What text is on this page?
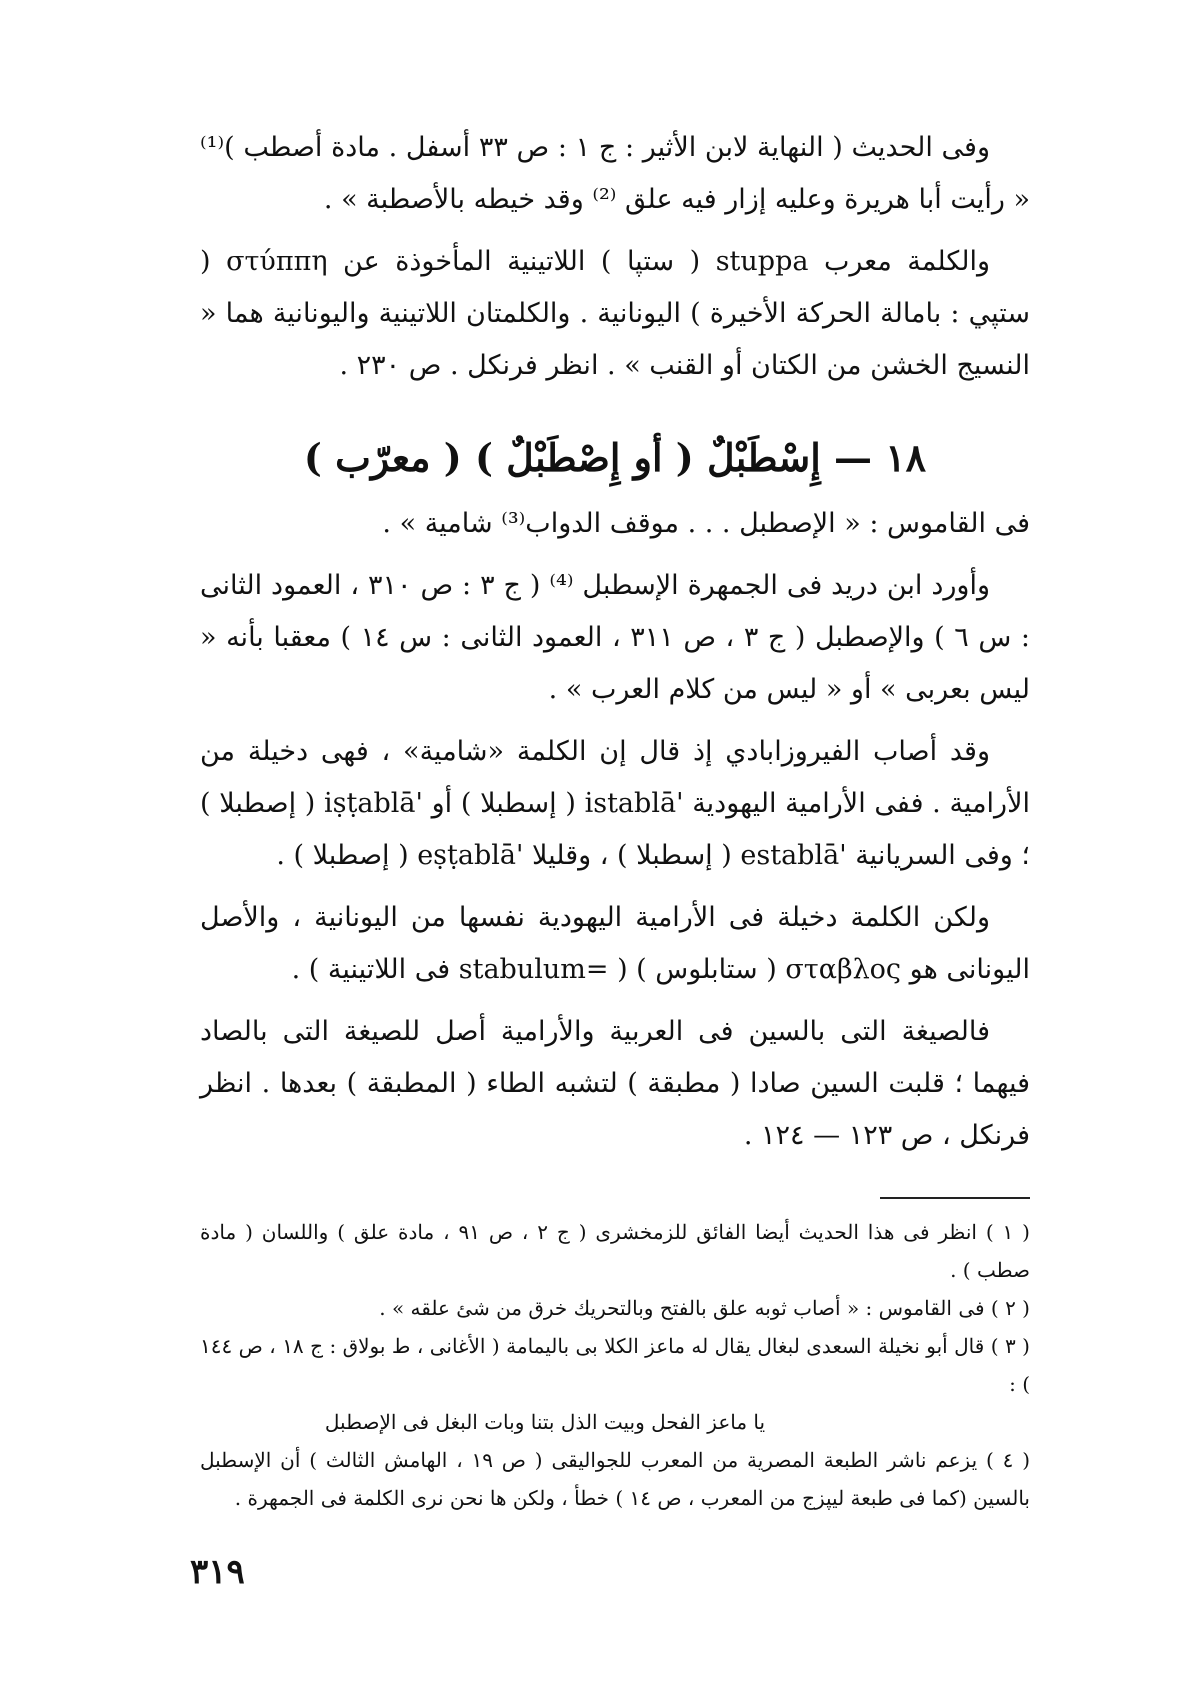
وفى الحديث ( النهاية لابن الأثير : ج ١ : ص ٣٣ أسفل . مادة أصطب )⁽¹⁾ « رأيت أبا هريرة وعليه إزار فيه علق ⁽²⁾ وقد خيطه بالأصطبة » .

والكلمة معرب stuppa ( ستپا ) اللاتينية المأخوذة عن στύππη ( ستپي : بامالة الحركة الأخيرة ) اليونانية . والكلمتان اللاتينية واليونانية هما « النسيج الخشن من الكتان أو القنب » . انظر فرنكل . ص ٢٣٠ .

١٨ — إِسْطَبْلٌ ( أو إِصْطَبْلٌ ) ( معرّب )

فى القاموس : « الإصطبل . . . موقف الدواب⁽³⁾ شامية » .

وأورد ابن دريد فى الجمهرة الإسطبل ⁽⁴⁾ ( ج ٣ : ص ٣١٠ ، العمود الثانى : س ٦ ) والإصطبل ( ج ٣ ، ص ٣١١ ، العمود الثانى : س ١٤ ) معقبا بأنه « ليس بعربى » أو « ليس من كلام العرب » .

وقد أصاب الفيروزابادي إذ قال إن الكلمة «شامية» ، فهى دخيلة من الأرامية . ففى الأرامية اليهودية 'istablā ( إسطبلا ) أو 'iṣṭablā ( إصطبلا ) ؛ وفى السريانية 'establā ( إسطبلا ) ، وقليلا 'eṣṭablā ( إصطبلا ) .

ولكن الكلمة دخيلة فى الأرامية اليهودية نفسها من اليونانية ، والأصل اليونانى هو σταβλος ( ستابلوس ) ( =stabulum فى اللاتينية ) .

فالصيغة التى بالسين فى العربية والأرامية أصل للصيغة التى بالصاد فيهما ؛ قلبت السين صادا ( مطبقة ) لتشبه الطاء ( المطبقة ) بعدها . انظر فرنكل ، ص ١٢٣ — ١٢٤ .

( ١ ) انظر فى هذا الحديث أيضا الفائق للزمخشرى ( ج ٢ ، ص ٩١ ، مادة علق ) واللسان ( مادة صطب ) .

( ٢ ) فى القاموس : « أصاب ثوبه علق بالفتح وبالتحريك خرق من شئ علقه » .

( ٣ ) قال أبو نخيلة السعدى لبغال يقال له ماعز الكلا بى باليمامة ( الأغانى ، ط بولاق : ج ١٨ ، ص ١٤٤ ) :

يا ماعز الفحل وبيت الذل بتنا وبات البغل فى الإصطبل

( ٤ ) يزعم ناشر الطبعة المصرية من المعرب للجواليقى ( ص ١٩ ، الهامش الثالث ) أن الإسطبل بالسين (كما فى طبعة ليپزج من المعرب ، ص ١٤ ) خطأ ، ولكن ها نحن نرى الكلمة فى الجمهرة .

٣١٩
